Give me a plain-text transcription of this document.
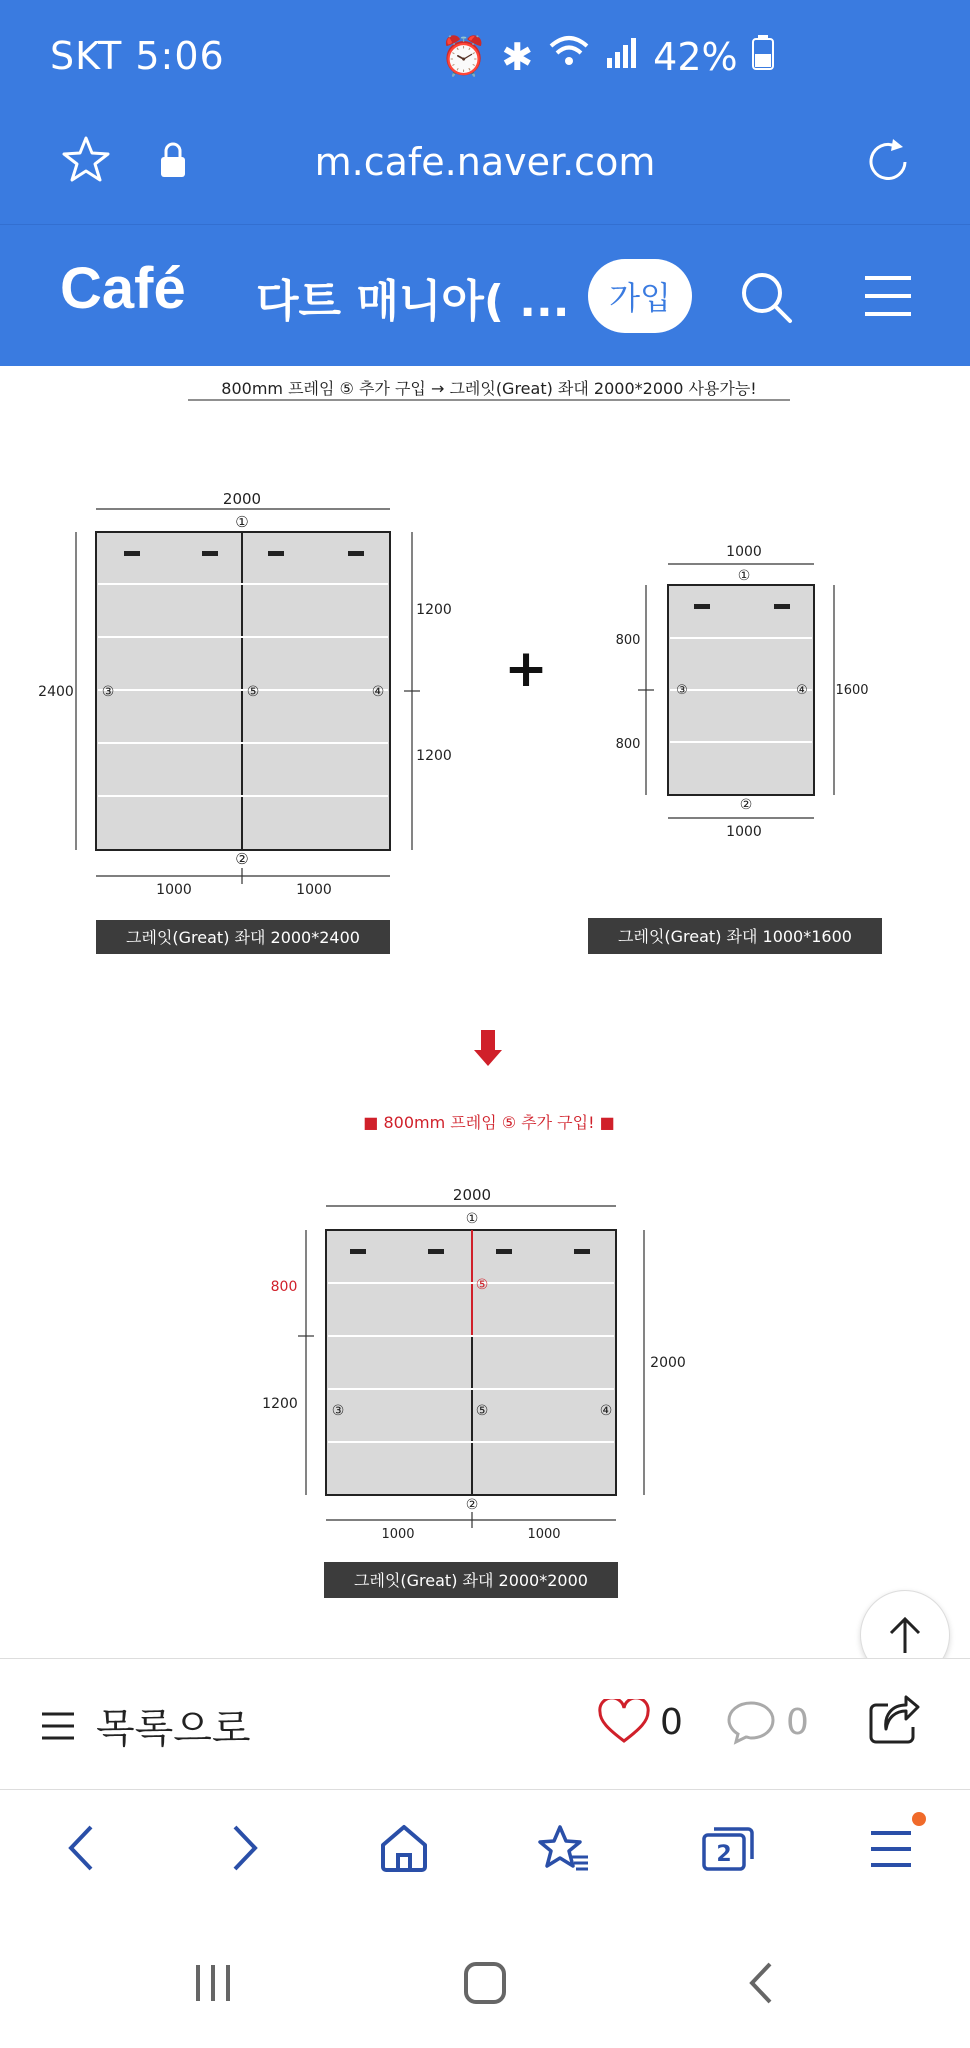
SKT 5:06	⏰ ✱	42%
m.cafe.naver.com
Café 다트 매니아( ...	가입
800mm 프레임 ⑤ 추가 구입 → 그레잇(Great) 좌대 2000*2000 사용가능!
2000
①
③	⑤	④
②
2400
1200
1200
1000	1000
그레잇(Great) 좌대 2000*2400
+
1000
①
③	④
②
800
800
1600
1000
그레잇(Great) 좌대 1000*1600
■ 800mm 프레임 ⑤ 추가 구입! ■
2000
①
⑤
③	⑤	④
②
800
1200
2000
1000	1000
그레잇(Great) 좌대 2000*2000
목록으로	0	0
2
